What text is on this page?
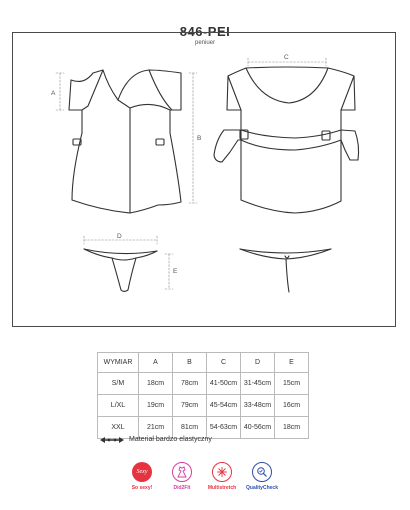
846-PEI
peniuer
A
B
C
D
E
WYMIAR	A	B	C	D	E
S/M	18cm	78cm	41-50cm	31-45cm	15cm
L/XL	19cm	79cm	45-54cm	33-48cm	16cm
XXL	21cm	81cm	54-63cm	40-56cm	18cm
Materiał bardzo elastyczny
Sexy
So sexy!	Did2Fit	Multistretch	QualityCheck
